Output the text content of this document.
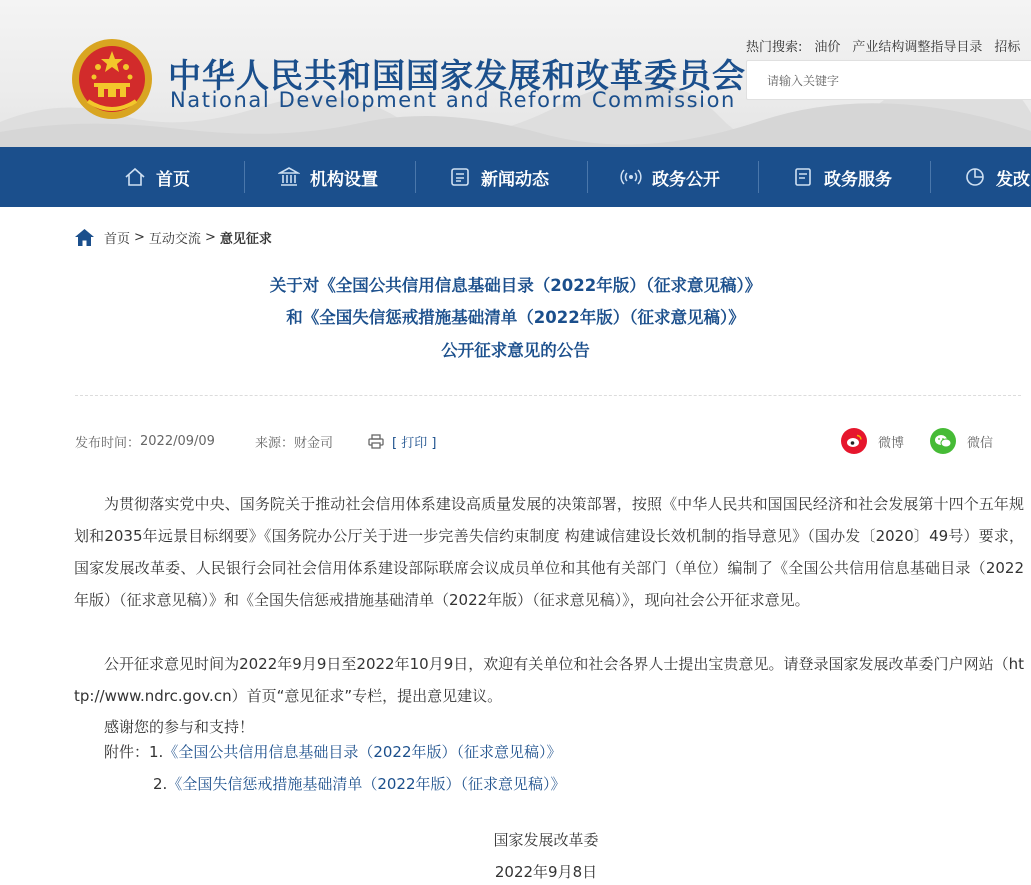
中华人民共和国国家发展和改革委员会
National Development and Reform Commission
热门搜索: 油价 产业结构调整指导目录 招标
请输入关键字
首页	机构设置	新闻动态	政务公开	政务服务	发改
首页 > 互动交流 > 意见征求
关于对《全国公共信用信息基础目录（2022年版）（征求意见稿）》
和《全国失信惩戒措施基础清单（2022年版）（征求意见稿）》
公开征求意见的公告
发布时间： 2022/09/09	来源： 财金司	[ 打印 ]	微博	微信
为贯彻落实党中央、国务院关于推动社会信用体系建设高质量发展的决策部署，按照《中华人民共和国国民经济和社会发展第十四个五年规划和2035年远景目标纲要》《国务院办公厅关于进一步完善失信约束制度 构建诚信建设长效机制的指导意见》（国办发〔2020〕49号）要求，国家发展改革委、人民银行会同社会信用体系建设部际联席会议成员单位和其他有关部门（单位）编制了《全国公共信用信息基础目录（2022年版）（征求意见稿）》和《全国失信惩戒措施基础清单（2022年版）（征求意见稿）》，现向社会公开征求意见。
公开征求意见时间为2022年9月9日至2022年10月9日，欢迎有关单位和社会各界人士提出宝贵意见。请登录国家发展改革委门户网站（http://www.ndrc.gov.cn）首页“意见征求”专栏，提出意见建议。
感谢您的参与和支持！
附件：1.《全国公共信用信息基础目录（2022年版）（征求意见稿）》
2.《全国失信惩戒措施基础清单（2022年版）（征求意见稿）》
国家发展改革委
2022年9月8日
